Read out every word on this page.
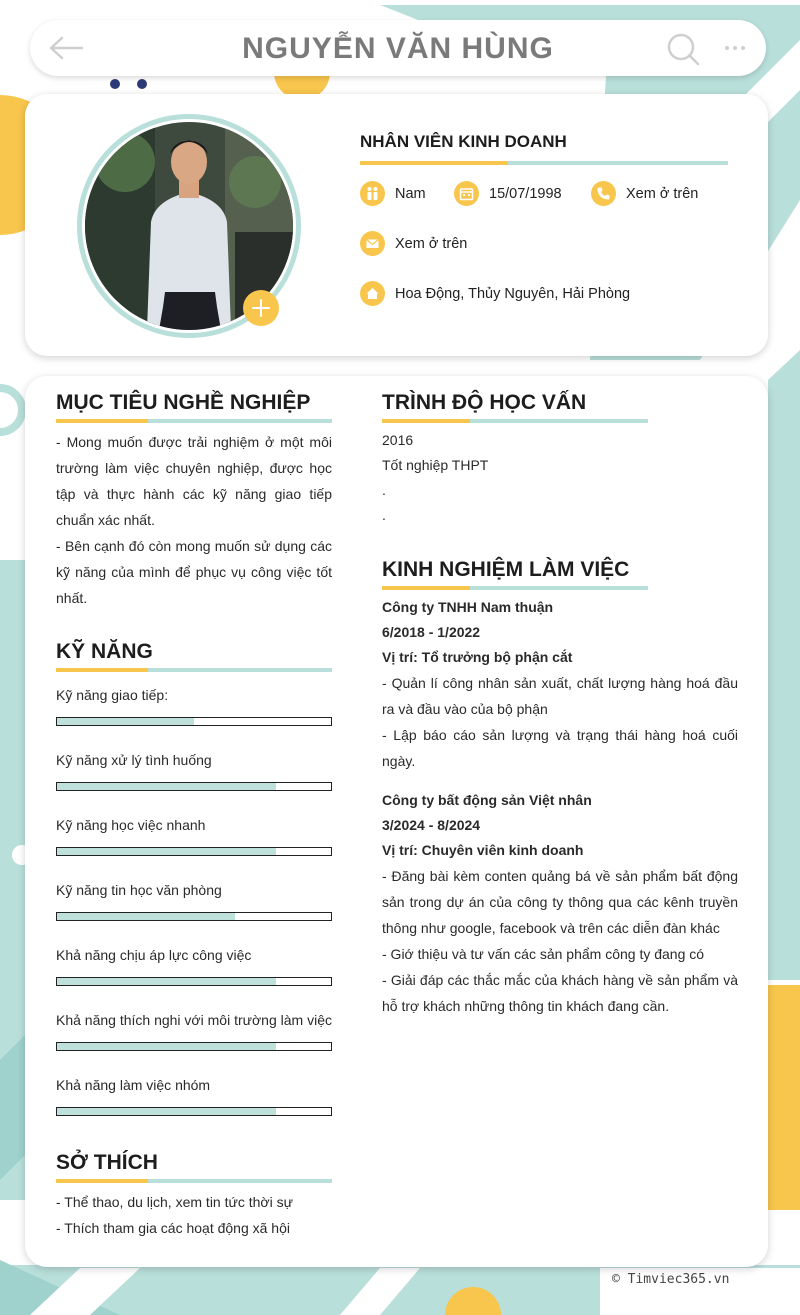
NGUYỄN VĂN HÙNG
NHÂN VIÊN KINH DOANH
Nam	15/07/1998	Xem ở trên
Xem ở trên
Hoa Động, Thủy Nguyên, Hải Phòng
MỤC TIÊU NGHỀ NGHIỆP

- Mong muốn được trải nghiệm ở một môi trường làm việc chuyên nghiệp, được học tập và thực hành các kỹ năng giao tiếp chuẩn xác nhất.

- Bên cạnh đó còn mong muốn sử dụng các kỹ năng của mình để phục vụ công việc tốt nhất.

KỸ NĂNG
Kỹ năng giao tiếp:
Kỹ năng xử lý tình huống
Kỹ năng học việc nhanh
Kỹ năng tin học văn phòng
Khả năng chịu áp lực công việc
Khả năng thích nghi với môi trường làm việc
Khả năng làm việc nhóm
SỞ THÍCH

- Thể thao, du lịch, xem tin tức thời sự

- Thích tham gia các hoạt động xã hội

TRÌNH ĐỘ HỌC VẤN

2016

Tốt nghiệp THPT

.

.

KINH NGHIỆM LÀM VIỆC

Công ty TNHH Nam thuận

6/2018 - 1/2022

Vị trí: Tổ trưởng bộ phận cắt

- Quản lí công nhân sản xuất, chất lượng hàng hoá đầu ra và đầu vào của bộ phận

- Lập báo cáo sản lượng và trạng thái hàng hoá cuối ngày.

Công ty bất động sản Việt nhân

3/2024 - 8/2024

Vị trí: Chuyên viên kinh doanh

- Đăng bài kèm conten quảng bá về sản phẩm bất động sản trong dự án của công ty thông qua các kênh truyền thông như google, facebook và trên các diễn đàn khác

- Giớ thiệu và tư vấn các sản phẩm công ty đang có

- Giải đáp các thắc mắc của khách hàng về sản phẩm và hỗ trợ khách những thông tin khách đang cần.

© Timviec365.vn
